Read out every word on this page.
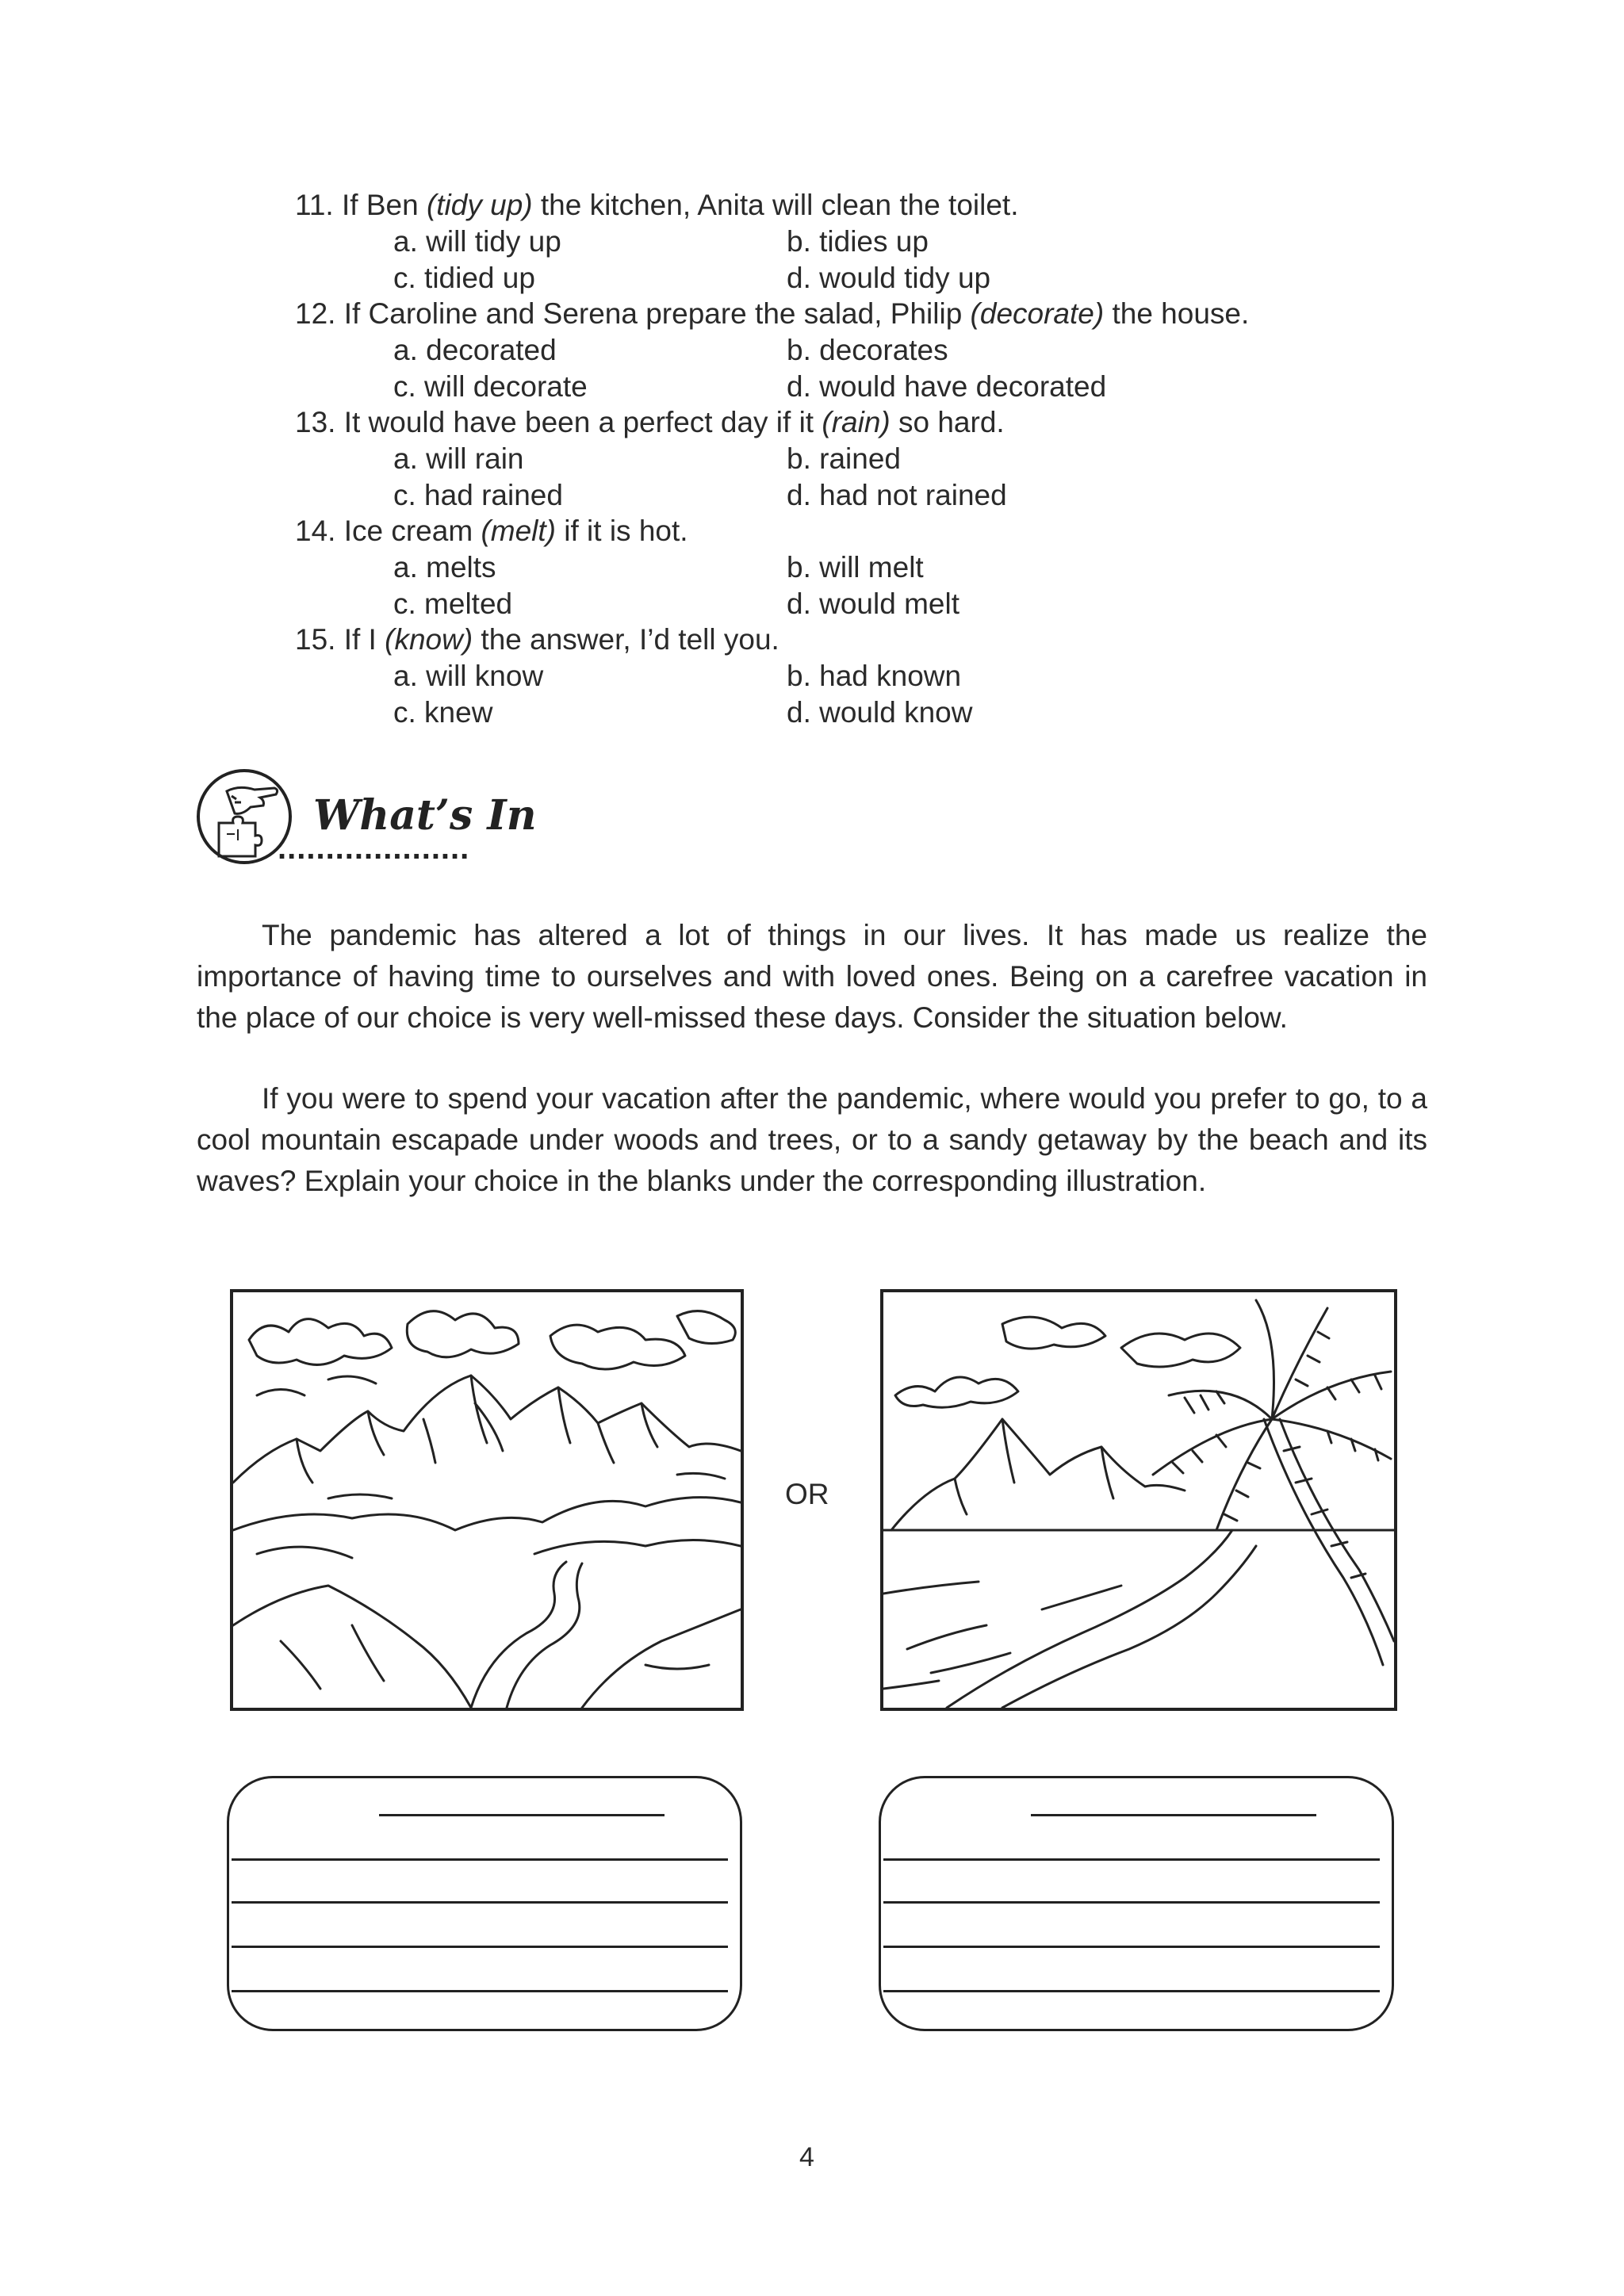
11. If Ben (tidy up) the kitchen, Anita will clean the toilet.
a. will tidy up	b. tidies up
c. tidied up	d. would tidy up
12. If Caroline and Serena prepare the salad, Philip (decorate) the house.
a. decorated	b. decorates
c. will decorate	d. would have decorated
13. It would have been a perfect day if it (rain) so hard.
a. will rain	b. rained
c. had rained	d. had not rained
14. Ice cream (melt) if it is hot.
a. melts	b. will melt
c. melted	d. would melt
15. If I (know) the answer, I’d tell you.
a. will know	b. had known
c. knew	d. would know
What’s In
....................
The pandemic has altered a lot of things in our lives. It has made us realize the importance of having time to ourselves and with loved ones. Being on a carefree vacation in the place of our choice is very well-missed these days. Consider the situation below.
If you were to spend your vacation after the pandemic, where would you prefer to go, to a cool mountain escapade under woods and trees, or to a sandy getaway by the beach and its waves? Explain your choice in the blanks under the corresponding illustration.
OR
4
